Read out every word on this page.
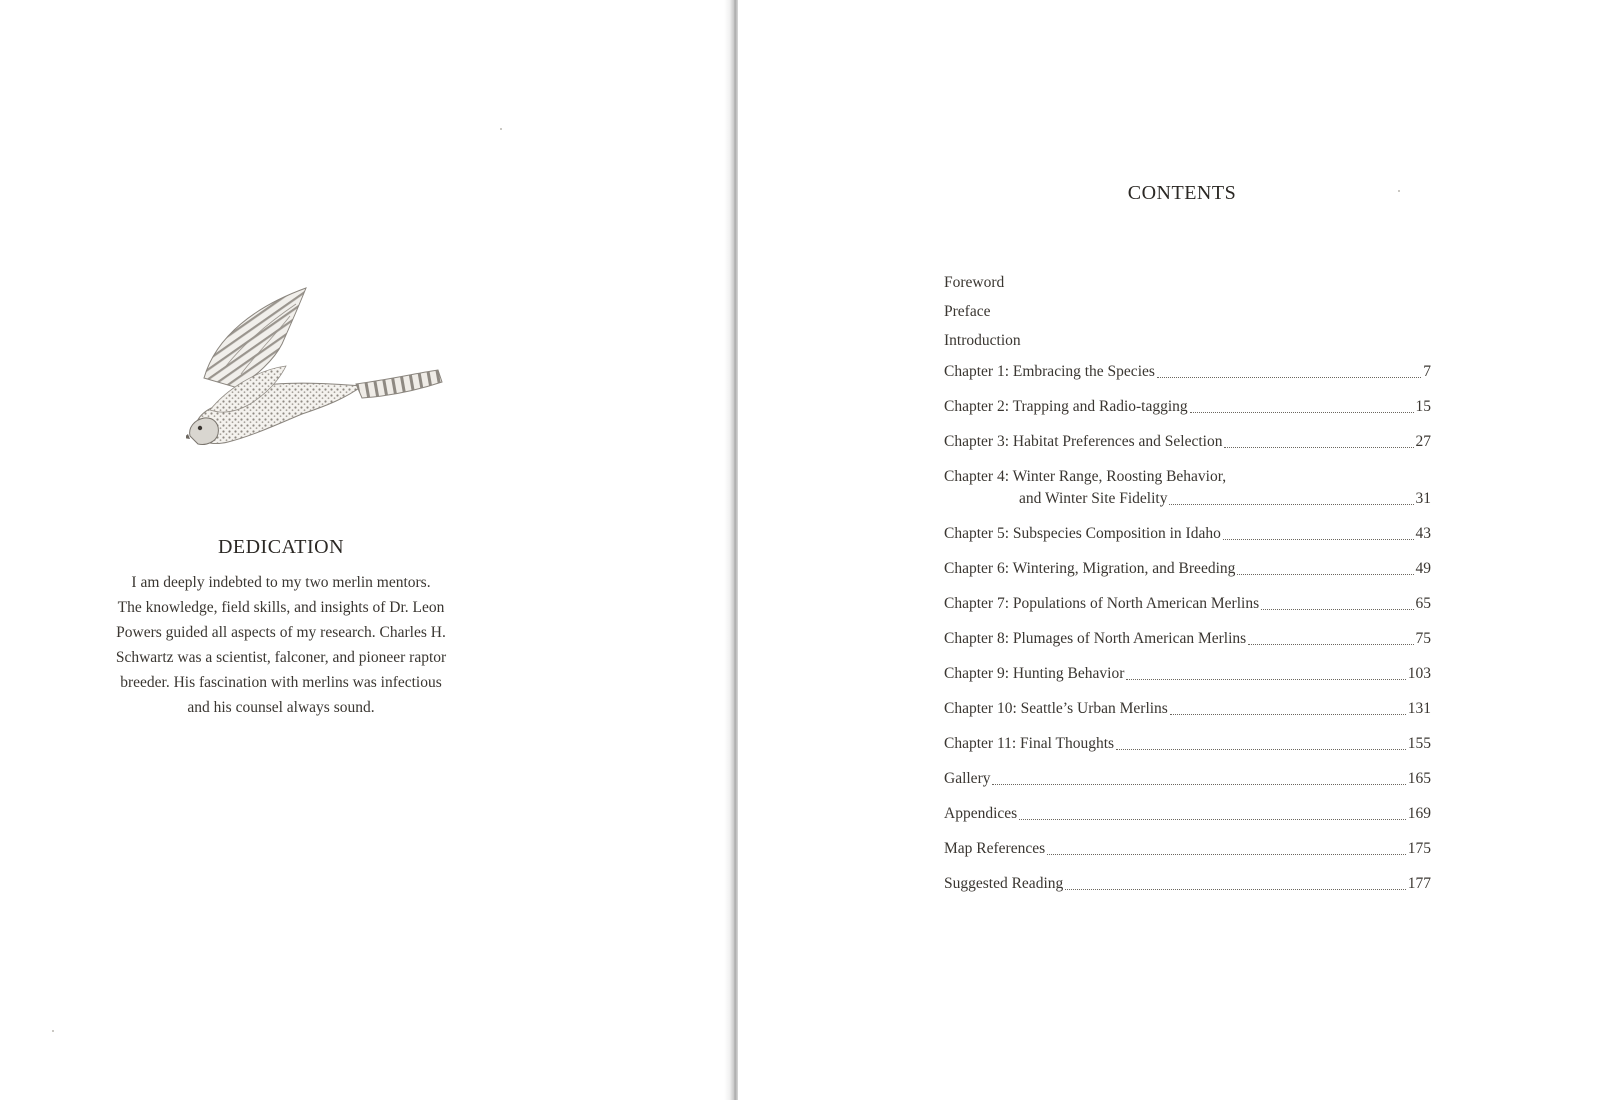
DEDICATION
I am deeply indebted to my two merlin mentors.
The knowledge, field skills, and insights of Dr. Leon
Powers guided all aspects of my research. Charles H.
Schwartz was a scientist, falconer, and pioneer raptor
breeder. His fascination with merlins was infectious
and his counsel always sound.
CONTENTS
Foreword
Preface
Introduction
Chapter 1: Embracing the Species	7
Chapter 2: Trapping and Radio-tagging	15
Chapter 3: Habitat Preferences and Selection	27
Chapter 4: Winter Range, Roosting Behavior,
and Winter Site Fidelity	31
Chapter 5: Subspecies Composition in Idaho	43
Chapter 6: Wintering, Migration, and Breeding	49
Chapter 7: Populations of North American Merlins	65
Chapter 8: Plumages of North American Merlins	75
Chapter 9: Hunting Behavior	103
Chapter 10: Seattle’s Urban Merlins	131
Chapter 11: Final Thoughts	155
Gallery	165
Appendices	169
Map References	175
Suggested Reading	177
